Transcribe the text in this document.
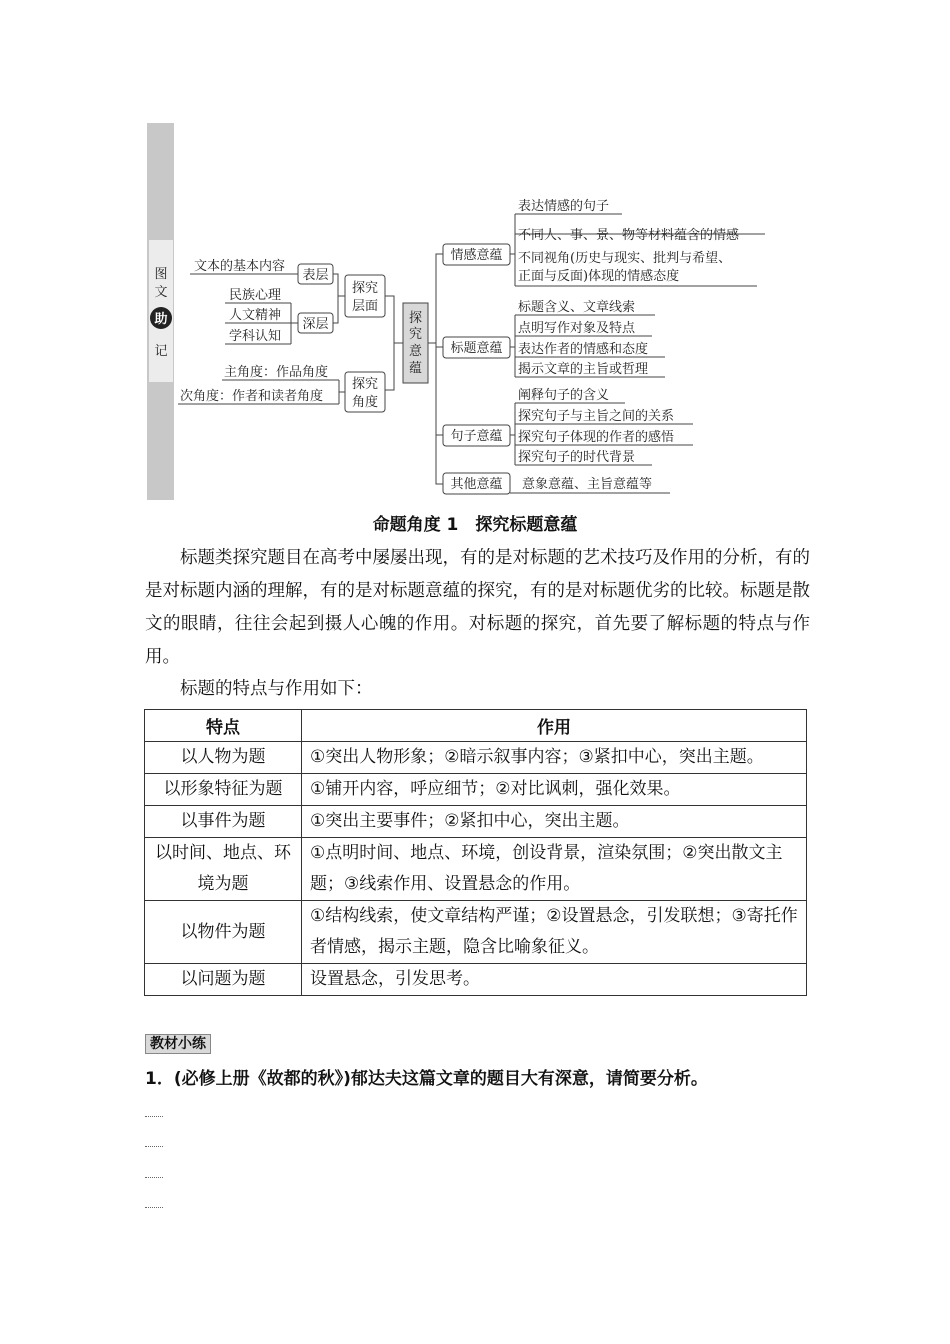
图
文
助
记
探
究
意
蕴
探究
层面
表层
文本的基本内容
深层
民族心理
人文精神
学科认知
探究
角度
主角度：作品角度
次角度：作者和读者角度
情感意蕴
表达情感的句子
不同人、事、景、物等材料蕴含的情感
不同视角(历史与现实、批判与希望、
正面与反面)体现的情感态度
标题意蕴
标题含义、文章线索
点明写作对象及特点
表达作者的情感和态度
揭示文章的主旨或哲理
句子意蕴
阐释句子的含义
探究句子与主旨之间的关系
探究句子体现的作者的感悟
探究句子的时代背景
其他意蕴 意象意蕴、主旨意蕴等
命题角度 1　探究标题意蕴
标题类探究题目在高考中屡屡出现，有的是对标题的艺术技巧及作用的分析，有的是对标题内涵的理解，有的是对标题意蕴的探究，有的是对标题优劣的比较。标题是散文的眼睛，往往会起到摄人心魄的作用。对标题的探究，首先要了解标题的特点与作用。
标题的特点与作用如下：
特点	作用
以人物为题	①突出人物形象；②暗示叙事内容；③紧扣中心，突出主题。
以形象特征为题	①铺开内容，呼应细节；②对比讽刺，强化效果。
以事件为题	①突出主要事件；②紧扣中心，突出主题。
以时间、地点、环境为题	①点明时间、地点、环境，创设背景，渲染氛围；②突出散文主题；③线索作用、设置悬念的作用。
以物件为题	①结构线索，使文章结构严谨；②设置悬念，引发联想；③寄托作者情感，揭示主题，隐含比喻象征义。
以问题为题	设置悬念，引发思考。
教材小练
1．(必修上册《故都的秋》)郁达夫这篇文章的题目大有深意，请简要分析。
